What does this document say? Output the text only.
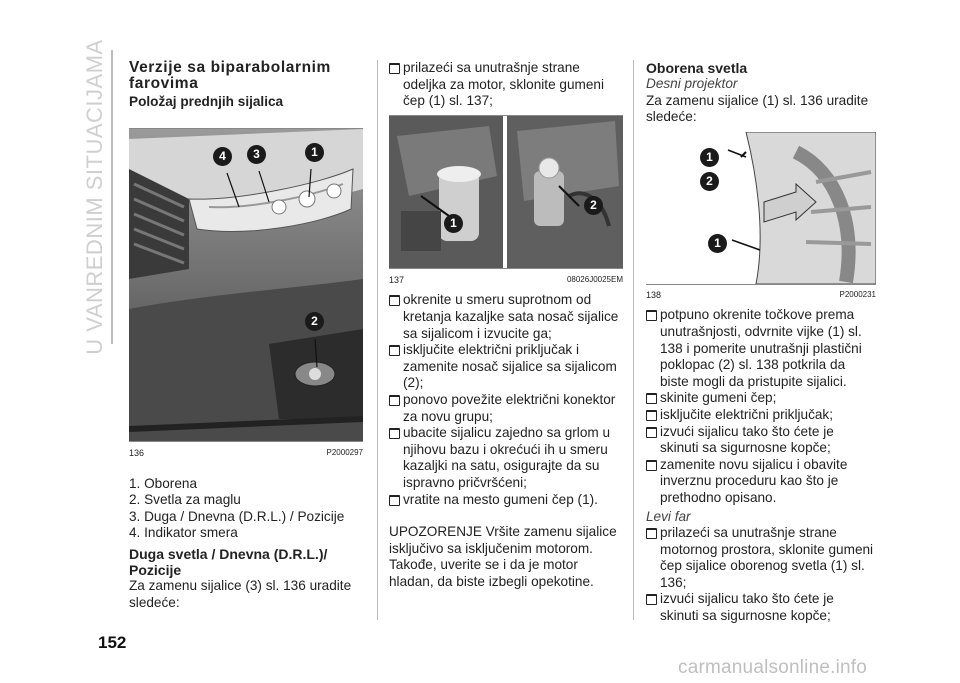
U VANREDNIM SITUACIJAMA
152
Verzije sa biparabolarnim farovima
Položaj prednjih sijalica
4	3	1
2
136	P2000297

1. Oborena

2. Svetla za maglu

3. Duga / Dnevna (D.R.L.) / Pozicije

4. Indikator smera

Duga svetla / Dnevna (D.R.L.)/ Pozicije

Za zamenu sijalice (3) sl. 136 uradite sledeće:

prilazeći sa unutrašnje strane odeljka za motor, sklonite gumeni čep (1) sl. 137;

1
2
137	08026J0025EM

okrenite u smeru suprotnom od kretanja kazaljke sata nosač sijalice sa sijalicom i izvucite ga;

isključite električni priključak i zamenite nosač sijalice sa sijalicom (2);

ponovo povežite električni konektor za novu grupu;

ubacite sijalicu zajedno sa grlom u njihovu bazu i okrećući ih u smeru kazaljki na satu, osigurajte da su ispravno pričvršćeni;

vratite na mesto gumeni čep (1).

UPOZORENJE Vršite zamenu sijalice isključivo sa isključenim motorom. Takođe, uverite se i da je motor hladan, da biste izbegli opekotine.

Oborena svetla

Desni projektor

Za zamenu sijalice (1) sl. 136 uradite sledeće:

1
2
1
138	P2000231

potpuno okrenite točkove prema unutrašnjosti, odvrnite vijke (1) sl. 138 i pomerite unutrašnji plastični poklopac (2) sl. 138 potkrila da biste mogli da pristupite sijalici.

skinite gumeni čep;

isključite električni priključak;

izvući sijalicu tako što ćete je skinuti sa sigurnosne kopče;

zamenite novu sijalicu i obavite inverznu proceduru kao što je prethodno opisano.

Levi far

prilazeći sa unutrašnje strane motornog prostora, sklonite gumeni čep sijalice oborenog svetla (1) sl. 136;

izvući sijalicu tako što ćete je skinuti sa sigurnosne kopče;

carmanualsonline.info
